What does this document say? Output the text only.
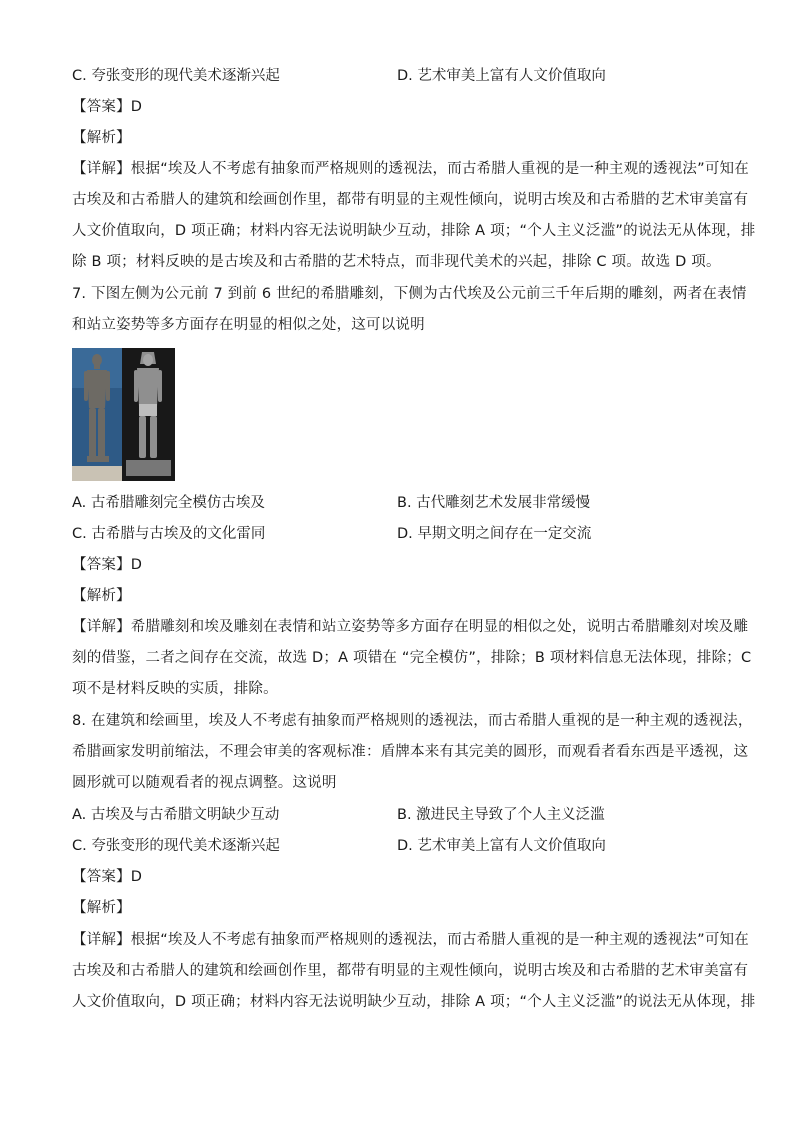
C. 夸张变形的现代美术逐渐兴起	D. 艺术审美上富有人文价值取向
【答案】D
【解析】
【详解】根据“埃及人不考虑有抽象而严格规则的透视法，而古希腊人重视的是一种主观的透视法”可知在
古埃及和古希腊人的建筑和绘画创作里，都带有明显的主观性倾向，说明古埃及和古希腊的艺术审美富有
人文价值取向，D 项正确；材料内容无法说明缺少互动，排除 A 项；“个人主义泛滥”的说法无从体现，排
除 B 项；材料反映的是古埃及和古希腊的艺术特点，而非现代美术的兴起，排除 C 项。故选 D 项。
7. 下图左侧为公元前 7 到前 6 世纪的希腊雕刻，下侧为古代埃及公元前三千年后期的雕刻，两者在表情
和站立姿势等多方面存在明显的相似之处，这可以说明
A. 古希腊雕刻完全模仿古埃及	B. 古代雕刻艺术发展非常缓慢
C. 古希腊与古埃及的文化雷同	D. 早期文明之间存在一定交流
【答案】D
【解析】
【详解】希腊雕刻和埃及雕刻在表情和站立姿势等多方面存在明显的相似之处，说明古希腊雕刻对埃及雕
刻的借鉴，二者之间存在交流，故选 D；A 项错在 “完全模仿”，排除；B 项材料信息无法体现，排除；C
项不是材料反映的实质，排除。
8. 在建筑和绘画里，埃及人不考虑有抽象而严格规则的透视法，而古希腊人重视的是一种主观的透视法，
希腊画家发明前缩法，不理会审美的客观标准：盾牌本来有其完美的圆形，而观看者看东西是平透视，这
圆形就可以随观看者的视点调整。这说明
A. 古埃及与古希腊文明缺少互动	B. 激进民主导致了个人主义泛滥
C. 夸张变形的现代美术逐渐兴起	D. 艺术审美上富有人文价值取向
【答案】D
【解析】
【详解】根据“埃及人不考虑有抽象而严格规则的透视法，而古希腊人重视的是一种主观的透视法”可知在
古埃及和古希腊人的建筑和绘画创作里，都带有明显的主观性倾向，说明古埃及和古希腊的艺术审美富有
人文价值取向，D 项正确；材料内容无法说明缺少互动，排除 A 项；“个人主义泛滥”的说法无从体现，排
